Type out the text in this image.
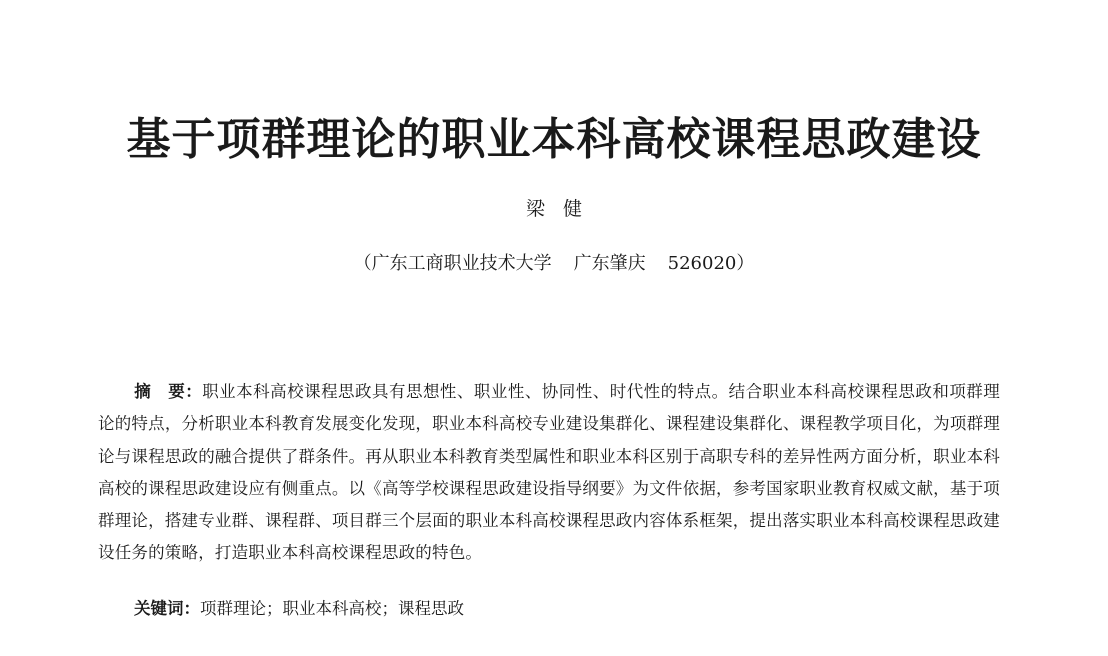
基于项群理论的职业本科高校课程思政建设
梁健
（广东工商职业技术大学 广东肇庆 526020）
摘　要：职业本科高校课程思政具有思想性、职业性、协同性、时代性的特点。结合职业本科高校课程思政和项群理论的特点，分析职业本科教育发展变化发现，职业本科高校专业建设集群化、课程建设集群化、课程教学项目化，为项群理论与课程思政的融合提供了群条件。再从职业本科教育类型属性和职业本科区别于高职专科的差异性两方面分析，职业本科高校的课程思政建设应有侧重点。以《高等学校课程思政建设指导纲要》为文件依据，参考国家职业教育权威文献，基于项群理论，搭建专业群、课程群、项目群三个层面的职业本科高校课程思政内容体系框架，提出落实职业本科高校课程思政建设任务的策略，打造职业本科高校课程思政的特色。
关键词：项群理论；职业本科高校；课程思政
